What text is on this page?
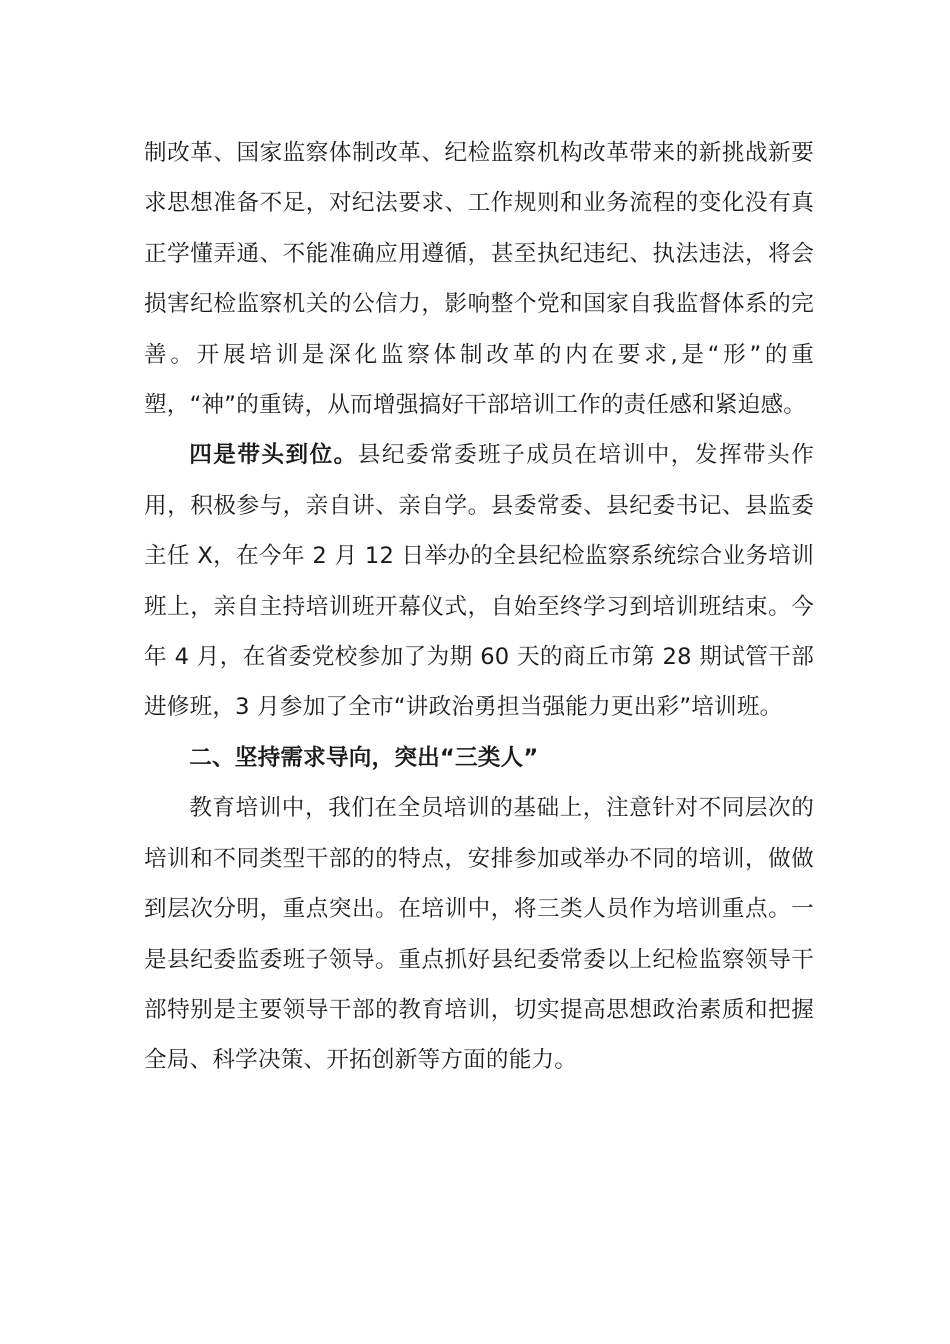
制改革、国家监察体制改革、纪检监察机构改革带来的新挑战新要求思想准备不足，对纪法要求、工作规则和业务流程的变化没有真正学懂弄通、不能准确应用遵循，甚至执纪违纪、执法违法，将会损害纪检监察机关的公信力，影响整个党和国家自我监督体系的完善。开展培训是深化监察体制改革的内在要求,是“形”的重塑，“神”的重铸，从而增强搞好干部培训工作的责任感和紧迫感。

四是带头到位。县纪委常委班子成员在培训中，发挥带头作用，积极参与，亲自讲、亲自学。县委常委、县纪委书记、县监委主任 X，在今年 2 月 12 日举办的全县纪检监察系统综合业务培训班上，亲自主持培训班开幕仪式，自始至终学习到培训班结束。今年 4 月，在省委党校参加了为期 60 天的商丘市第 28 期试管干部进修班，3 月参加了全市“讲政治勇担当强能力更出彩”培训班。

二、坚持需求导向，突出“三类人”

教育培训中，我们在全员培训的基础上，注意针对不同层次的培训和不同类型干部的的特点，安排参加或举办不同的培训，做做到层次分明，重点突出。在培训中，将三类人员作为培训重点。一是县纪委监委班子领导。重点抓好县纪委常委以上纪检监察领导干部特别是主要领导干部的教育培训，切实提高思想政治素质和把握全局、科学决策、开拓创新等方面的能力。
